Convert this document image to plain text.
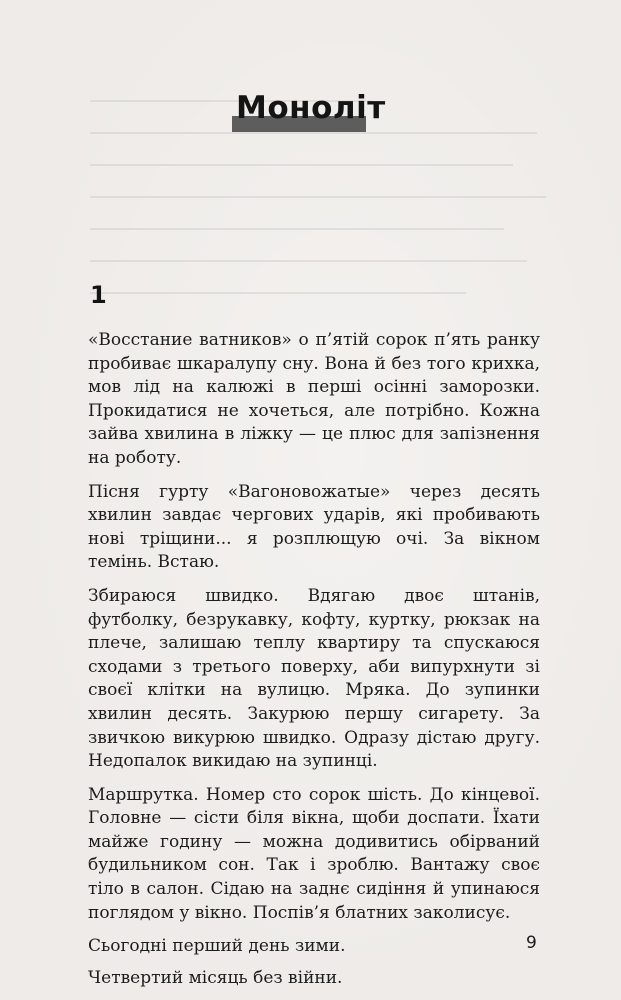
Моноліт
1

«Восстание ватников» о п’ятій сорок п’ять ранку пробиває шкаралупу сну. Вона й без того крихка, мов лід на калюжі в перші осінні заморозки. Прокидатися не хочеться, але потрібно. Кожна зайва хвилина в ліжку — це плюс для запізнення на роботу.

Пісня гурту «Вагоновожатые» через десять хвилин завдає чергових ударів, які пробивають нові тріщини... я розплющую очі. За вікном темінь. Встаю.

Збираюся швидко. Вдягаю двоє штанів, футболку, безрукавку, кофту, куртку, рюкзак на плече, залишаю теплу квартиру та спускаюся сходами з третього поверху, аби випурхнути зі своєї клітки на вулицю. Мряка. До зупинки хвилин десять. Закурюю першу сигарету. За звичкою викурюю швидко. Одразу дістаю другу. Недопалок викидаю на зупинці.

Маршрутка. Номер сто сорок шість. До кінцевої. Головне — сісти біля вікна, щоби доспати. Їхати майже годину — можна додивитись обірваний будильником сон. Так і зроблю. Вантажу своє тіло в салон. Сідаю на заднє сидіння й упинаюся поглядом у вікно. Поспів’я блатних заколисує.

Сьогодні перший день зими.

Четвертий місяць без війни.

9
